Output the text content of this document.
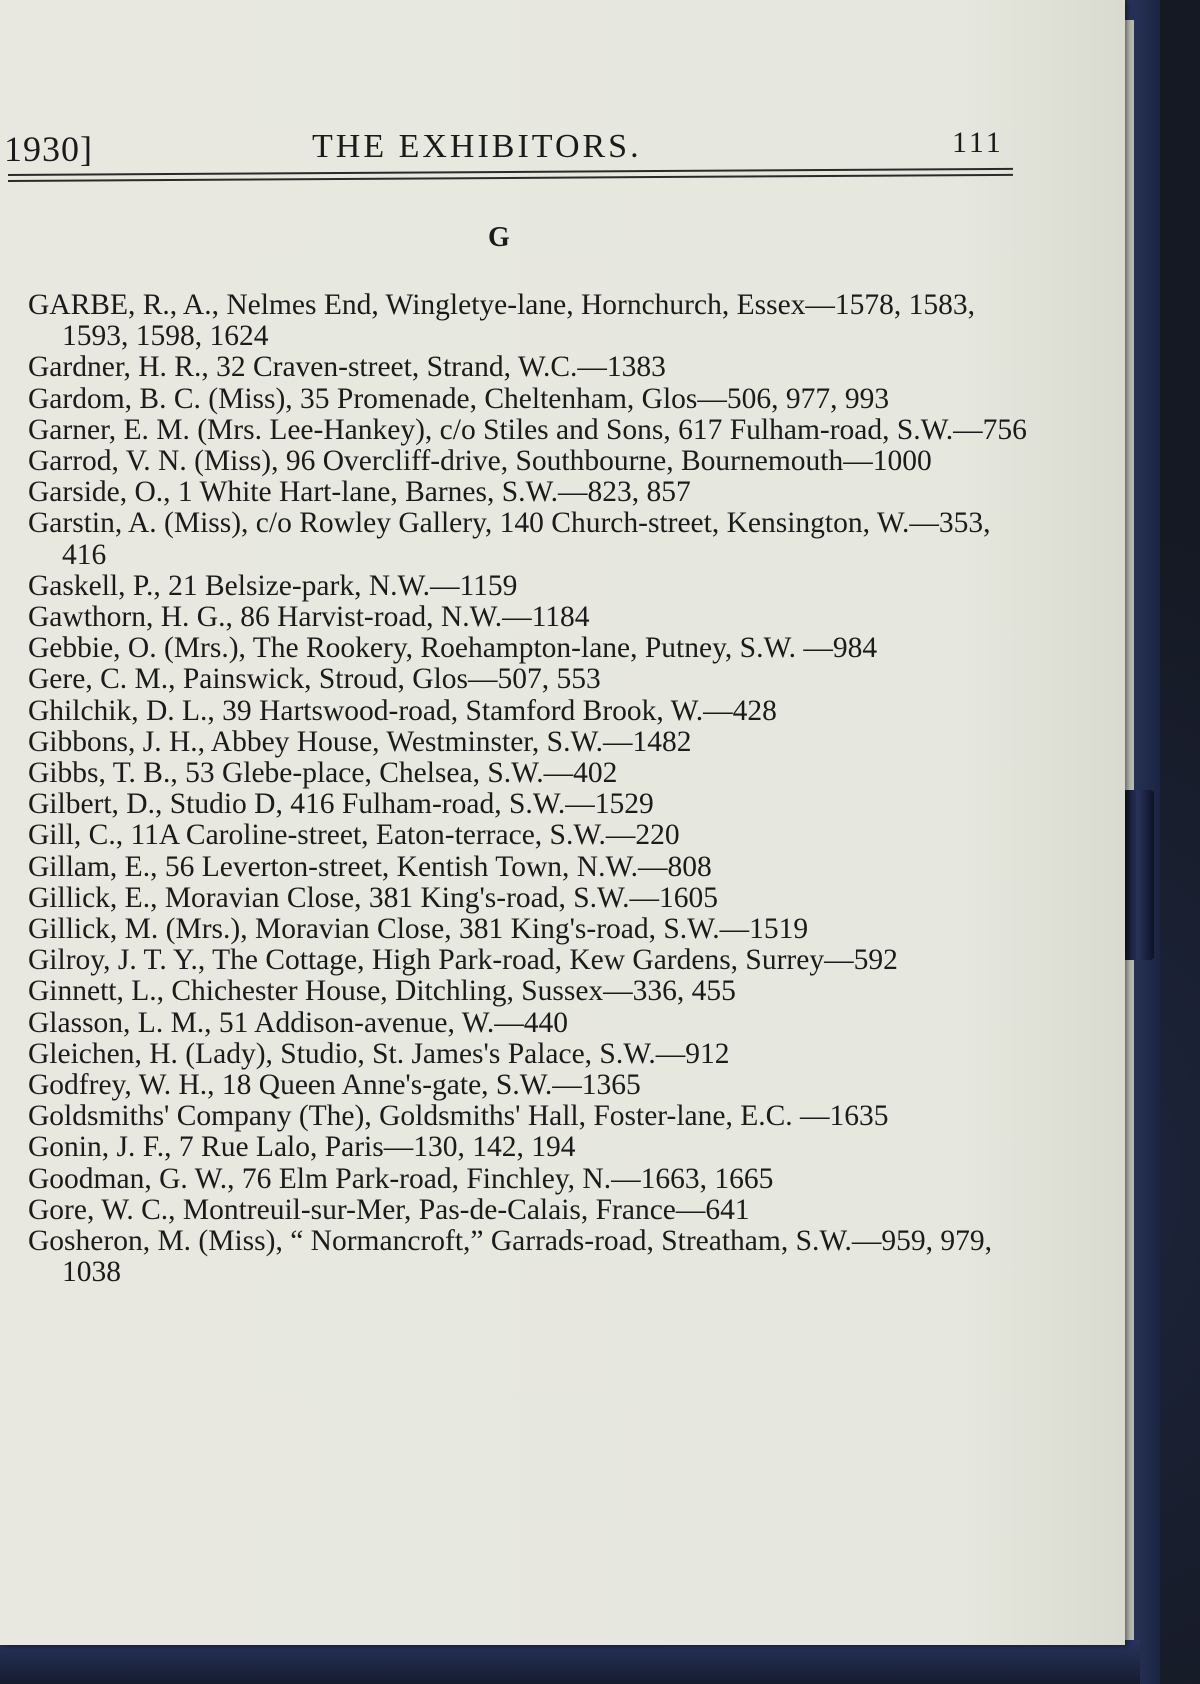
1930]	THE EXHIBITORS.	111
G
GARBE, R., A., Nelmes End, Wingletye-lane, Hornchurch, Essex—1578, 1583, 1593, 1598, 1624
Gardner, H. R., 32 Craven-street, Strand, W.C.—1383
Gardom, B. C. (Miss), 35 Promenade, Cheltenham, Glos—506, 977, 993
Garner, E. M. (Mrs. Lee-Hankey), c/o Stiles and Sons, 617 Fulham-road, S.W.—756
Garrod, V. N. (Miss), 96 Overcliff-drive, Southbourne, Bournemouth—1000
Garside, O., 1 White Hart-lane, Barnes, S.W.—823, 857
Garstin, A. (Miss), c/o Rowley Gallery, 140 Church-street, Kensington, W.—353, 416
Gaskell, P., 21 Belsize-park, N.W.—1159
Gawthorn, H. G., 86 Harvist-road, N.W.—1184
Gebbie, O. (Mrs.), The Rookery, Roehampton-lane, Putney, S.W. —984
Gere, C. M., Painswick, Stroud, Glos—507, 553
Ghilchik, D. L., 39 Hartswood-road, Stamford Brook, W.—428
Gibbons, J. H., Abbey House, Westminster, S.W.—1482
Gibbs, T. B., 53 Glebe-place, Chelsea, S.W.—402
Gilbert, D., Studio D, 416 Fulham-road, S.W.—1529
Gill, C., 11A Caroline-street, Eaton-terrace, S.W.—220
Gillam, E., 56 Leverton-street, Kentish Town, N.W.—808
Gillick, E., Moravian Close, 381 King's-road, S.W.—1605
Gillick, M. (Mrs.), Moravian Close, 381 King's-road, S.W.—1519
Gilroy, J. T. Y., The Cottage, High Park-road, Kew Gardens, Surrey—592
Ginnett, L., Chichester House, Ditchling, Sussex—336, 455
Glasson, L. M., 51 Addison-avenue, W.—440
Gleichen, H. (Lady), Studio, St. James's Palace, S.W.—912
Godfrey, W. H., 18 Queen Anne's-gate, S.W.—1365
Goldsmiths' Company (The), Goldsmiths' Hall, Foster-lane, E.C. —1635
Gonin, J. F., 7 Rue Lalo, Paris—130, 142, 194
Goodman, G. W., 76 Elm Park-road, Finchley, N.—1663, 1665
Gore, W. C., Montreuil-sur-Mer, Pas-de-Calais, France—641
Gosheron, M. (Miss), “ Normancroft,” Garrads-road, Streatham, S.W.—959, 979, 1038
